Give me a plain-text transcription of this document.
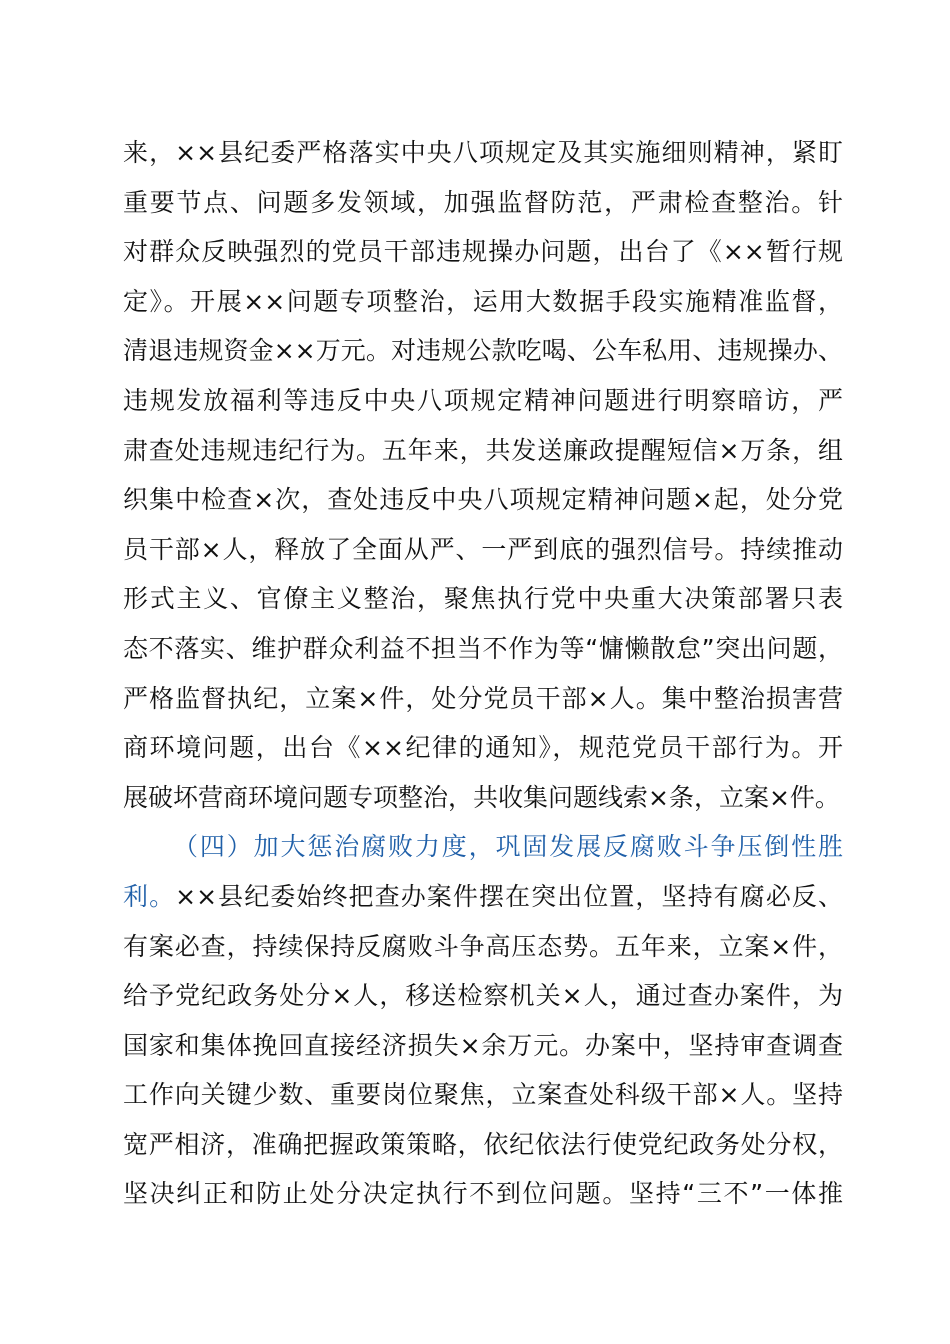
来，××县纪委严格落实中央八项规定及其实施细则精神，紧盯
重要节点、问题多发领域，加强监督防范，严肃检查整治。针
对群众反映强烈的党员干部违规操办问题，出台了《××暂行规
定》。开展××问题专项整治，运用大数据手段实施精准监督，
清退违规资金××万元。对违规公款吃喝、公车私用、违规操办、
违规发放福利等违反中央八项规定精神问题进行明察暗访，严
肃查处违规违纪行为。五年来，共发送廉政提醒短信×万条，组
织集中检查×次，查处违反中央八项规定精神问题×起，处分党
员干部×人，释放了全面从严、一严到底的强烈信号。持续推动
形式主义、官僚主义整治，聚焦执行党中央重大决策部署只表
态不落实、维护群众利益不担当不作为等“慵懒散怠”突出问题，
严格监督执纪，立案×件，处分党员干部×人。集中整治损害营
商环境问题，出台《××纪律的通知》，规范党员干部行为。开
展破坏营商环境问题专项整治，共收集问题线索×条，立案×件。
（四）加大惩治腐败力度，巩固发展反腐败斗争压倒性胜
利。××县纪委始终把查办案件摆在突出位置，坚持有腐必反、
有案必查，持续保持反腐败斗争高压态势。五年来，立案×件，
给予党纪政务处分×人，移送检察机关×人，通过查办案件，为
国家和集体挽回直接经济损失×余万元。办案中，坚持审查调查
工作向关键少数、重要岗位聚焦，立案查处科级干部×人。坚持
宽严相济，准确把握政策策略，依纪依法行使党纪政务处分权，
坚决纠正和防止处分决定执行不到位问题。坚持“三不”一体推
